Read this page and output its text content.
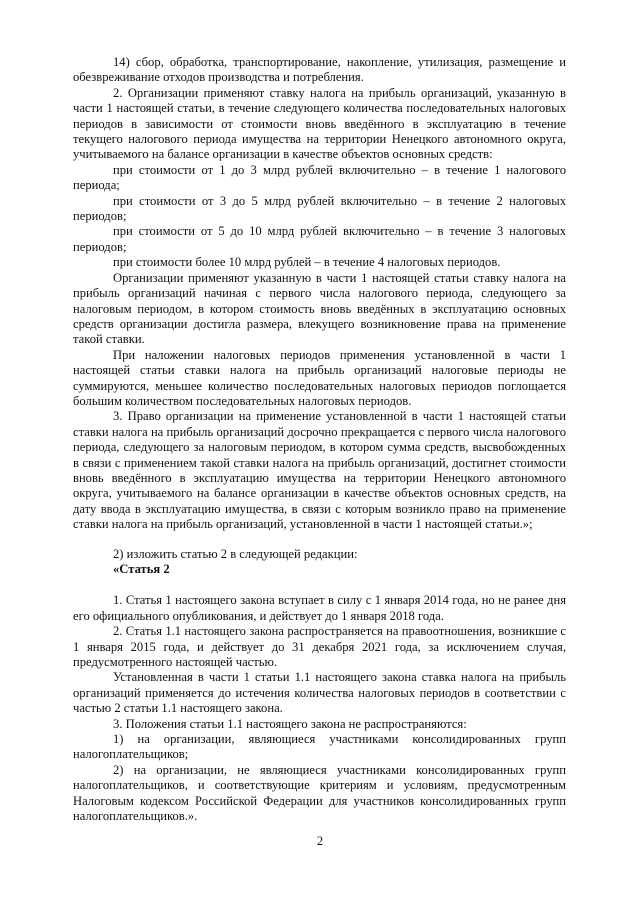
14) сбор, обработка, транспортирование, накопление, утилизация, размещение и обезвреживание отходов производства и потребления.

2. Организации применяют ставку налога на прибыль организаций, указанную в части 1 настоящей статьи, в течение следующего количества последовательных налоговых периодов в зависимости от стоимости вновь введённого в эксплуатацию в течение текущего налогового периода имущества на территории Ненецкого автономного округа, учитываемого на балансе организации в качестве объектов основных средств:

при стоимости от 1 до 3 млрд рублей включительно – в течение 1 налогового периода;

при стоимости от 3 до 5 млрд рублей включительно – в течение 2 налоговых периодов;

при стоимости от 5 до 10 млрд рублей включительно – в течение 3 налоговых периодов;

при стоимости более 10 млрд рублей – в течение 4 налоговых периодов.

Организации применяют указанную в части 1 настоящей статьи ставку налога на прибыль организаций начиная с первого числа налогового периода, следующего за налоговым периодом, в котором стоимость вновь введённых в эксплуатацию основных средств организации достигла размера, влекущего возникновение права на применение такой ставки.

При наложении налоговых периодов применения установленной в части 1 настоящей статьи ставки налога на прибыль организаций налоговые периоды не суммируются, меньшее количество последовательных налоговых периодов поглощается большим количеством последовательных налоговых периодов.

3. Право организации на применение установленной в части 1 настоящей статьи ставки налога на прибыль организаций досрочно прекращается с первого числа налогового периода, следующего за налоговым периодом, в котором сумма средств, высвобожденных в связи с применением такой ставки налога на прибыль организаций, достигнет стоимости вновь введённого в эксплуатацию имущества на территории Ненецкого автономного округа, учитываемого на балансе организации в качестве объектов основных средств, на дату ввода в эксплуатацию имущества, в связи с которым возникло право на применение ставки налога на прибыль организаций, установленной в части 1 настоящей статьи.»;

2) изложить статью 2 в следующей редакции:

«Статья 2

1. Статья 1 настоящего закона вступает в силу с 1 января 2014 года, но не ранее дня его официального опубликования, и действует до 1 января 2018 года.

2. Статья 1.1 настоящего закона распространяется на правоотношения, возникшие с 1 января 2015 года, и действует до 31 декабря 2021 года, за исключением случая, предусмотренного настоящей частью.

Установленная в части 1 статьи 1.1 настоящего закона ставка налога на прибыль организаций применяется до истечения количества налоговых периодов в соответствии с частью 2 статьи 1.1 настоящего закона.

3. Положения статьи 1.1 настоящего закона не распространяются:

1) на организации, являющиеся участниками консолидированных групп налогоплательщиков;

2) на организации, не являющиеся участниками консолидированных групп налогоплательщиков, и соответствующие критериям и условиям, предусмотренным Налоговым кодексом Российской Федерации для участников консолидированных групп налогоплательщиков.».

2
